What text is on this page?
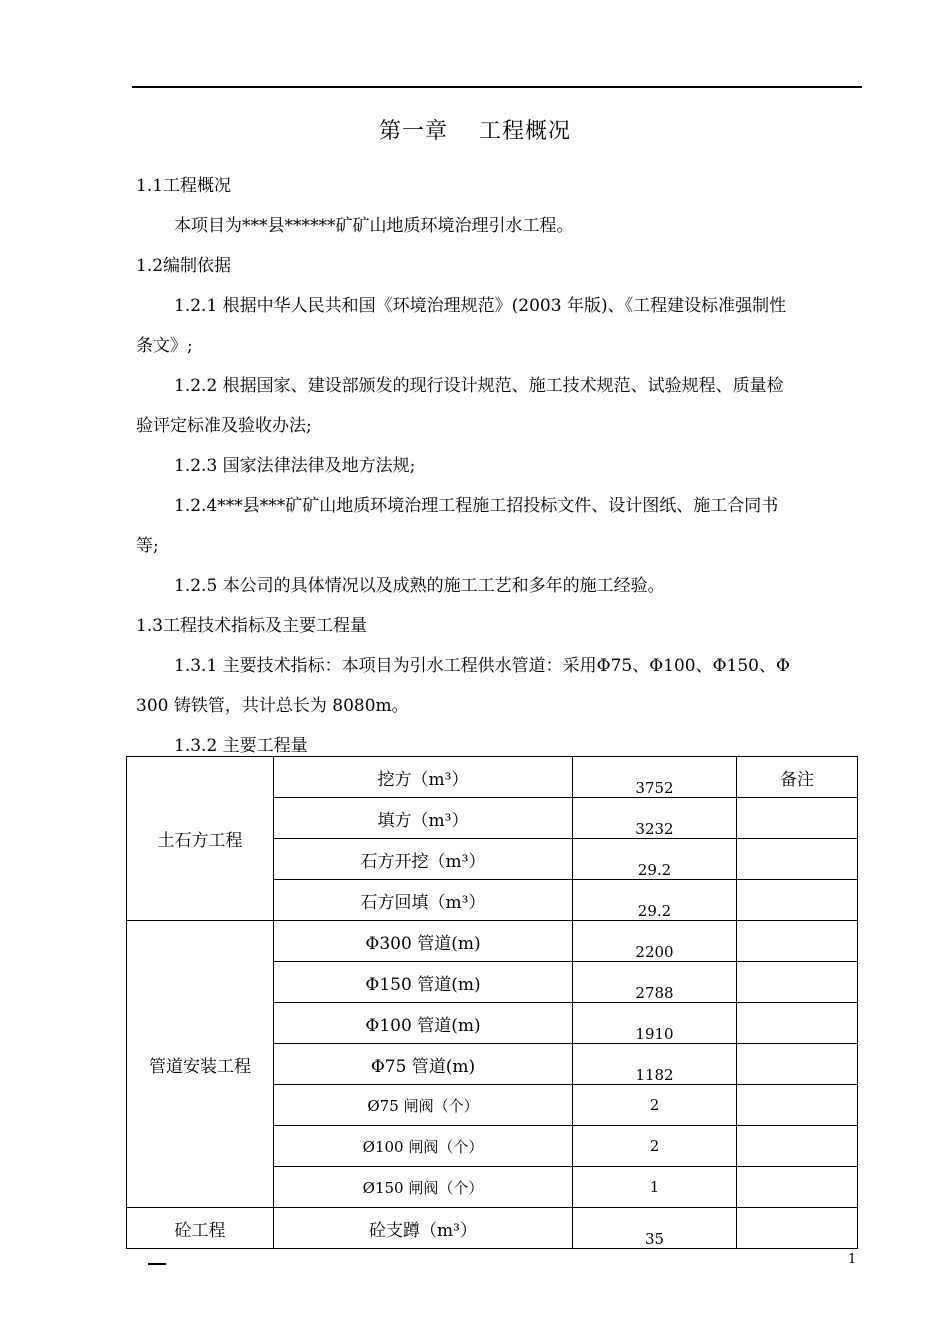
第一章　 工程概况
1.1工程概况
本项目为***县******矿矿山地质环境治理引水工程。
1.2编制依据
1.2.1 根据中华人民共和国《环境治理规范》(2003 年版)、《工程建设标准强制性
条文》;
1.2.2 根据国家、建设部颁发的现行设计规范、施工技术规范、试验规程、质量检
验评定标准及验收办法;
1.2.3 国家法律法律及地方法规;
1.2.4***县***矿矿山地质环境治理工程施工招投标文件、设计图纸、施工合同书
等;
1.2.5 本公司的具体情况以及成熟的施工工艺和多年的施工经验。
1.3工程技术指标及主要工程量
1.3.1 主要技术指标：本项目为引水工程供水管道：采用Φ75、Φ100、Φ150、Φ
300 铸铁管，共计总长为 8080m。
1.3.2 主要工程量
土石方工程	挖方（m³）	3752	备注
	填方（m³）	3232	
	石方开挖（m³）	29.2	
	石方回填（m³）	29.2	
管道安装工程	Φ300 管道(m)	2200	
	Φ150 管道(m)	2788	
	Φ100 管道(m)	1910	
	Φ75 管道(m)	1182	
	Ø75 闸阀（个）	2	
	Ø100 闸阀（个）	2	
	Ø150 闸阀（个）	1	
砼工程	砼支蹲（m³）	35	
1
